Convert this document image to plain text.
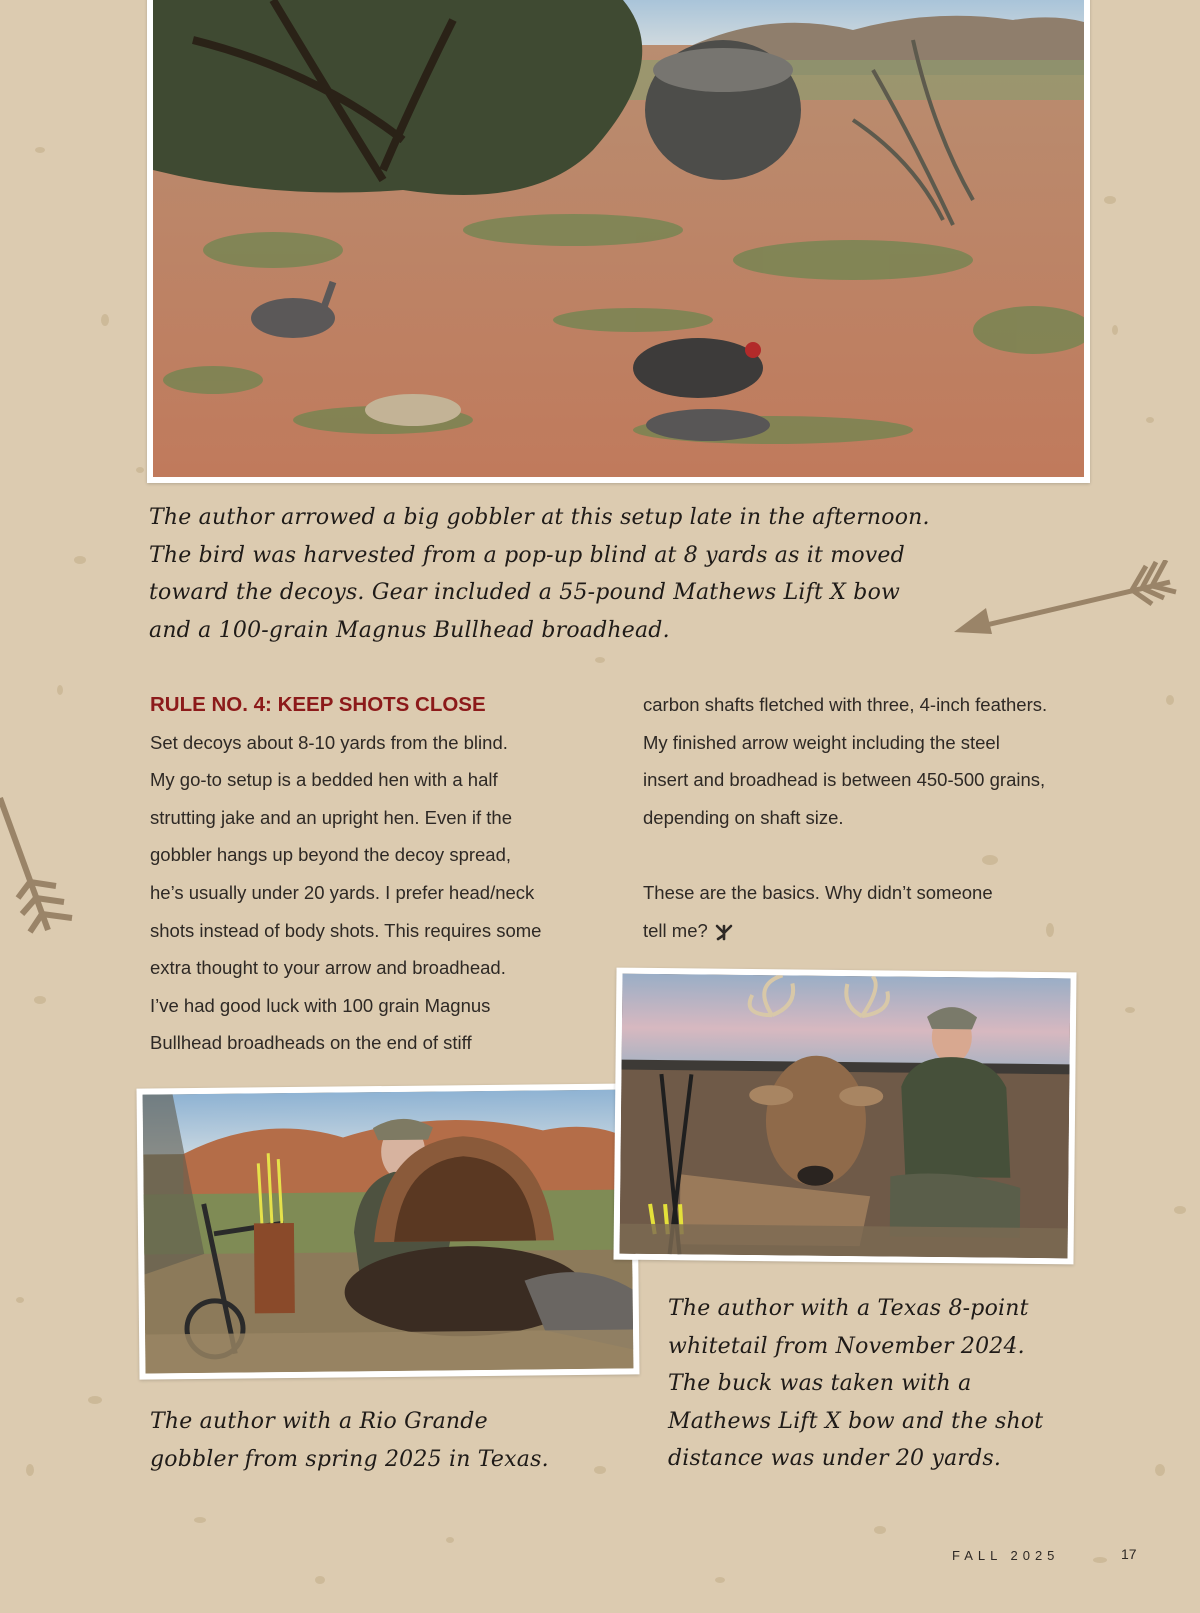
The author arrowed a big gobbler at this setup late in the afternoon.
The bird was harvested from a pop-up blind at 8 yards as it moved
toward the decoys. Gear included a 55-pound Mathews Lift X bow
and a 100-grain Magnus Bullhead broadhead.

RULE NO. 4: KEEP SHOTS CLOSE
Set decoys about 8-10 yards from the blind.
My go-to setup is a bedded hen with a half
strutting jake and an upright hen. Even if the
gobbler hangs up beyond the decoy spread,
he’s usually under 20 yards. I prefer head/neck
shots instead of body shots. This requires some
extra thought to your arrow and broadhead.
I’ve had good luck with 100 grain Magnus
Bullhead broadheads on the end of stiff
carbon shafts fletched with three, 4-inch feathers.
My finished arrow weight including the steel
insert and broadhead is between 450-500 grains,
depending on shaft size.
These are the basics. Why didn’t someone
tell me?

The author with a Rio Grande
gobbler from spring 2025 in Texas.

The author with a Texas 8-point
whitetail from November 2024.
The buck was taken with a
Mathews Lift X bow and the shot
distance was under 20 yards.

FALL 2025	17
